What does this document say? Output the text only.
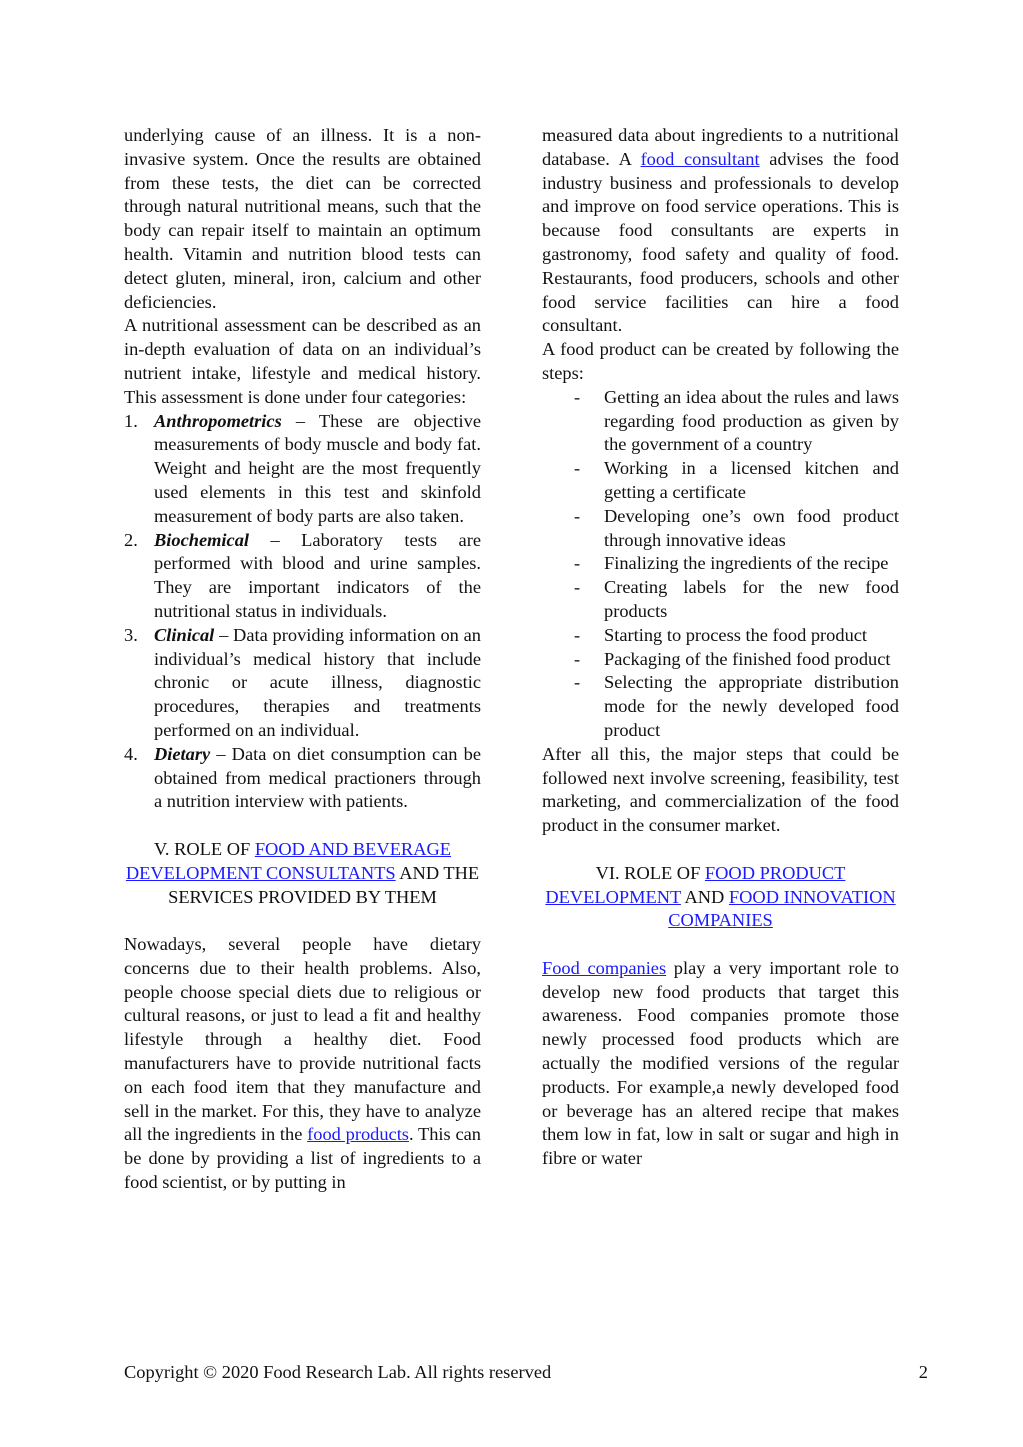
underlying cause of an illness. It is a non-invasive system. Once the results are obtained from these tests, the diet can be corrected through natural nutritional means, such that the body can repair itself to maintain an optimum health. Vitamin and nutrition blood tests can detect gluten, mineral, iron, calcium and other deficiencies.

A nutritional assessment can be described as an in-depth evaluation of data on an individual’s nutrient intake, lifestyle and medical history. This assessment is done under four categories:

1. Anthropometrics – These are objective measurements of body muscle and body fat. Weight and height are the most frequently used elements in this test and skinfold measurement of body parts are also taken.
2. Biochemical – Laboratory tests are performed with blood and urine samples. They are important indicators of the nutritional status in individuals.
3. Clinical – Data providing information on an individual’s medical history that include chronic or acute illness, diagnostic procedures, therapies and treatments performed on an individual.
4. Dietary – Data on diet consumption can be obtained from medical practioners through a nutrition interview with patients.

V. ROLE OF FOOD AND BEVERAGE DEVELOPMENT CONSULTANTS AND THE SERVICES PROVIDED BY THEM

Nowadays, several people have dietary concerns due to their health problems. Also, people choose special diets due to religious or cultural reasons, or just to lead a fit and healthy lifestyle through a healthy diet. Food manufacturers have to provide nutritional facts on each food item that they manufacture and sell in the market. For this, they have to analyze all the ingredients in the food products. This can be done by providing a list of ingredients to a food scientist, or by putting in

measured data about ingredients to a nutritional database. A food consultant advises the food industry business and professionals to develop and improve on food service operations. This is because food consultants are experts in gastronomy, food safety and quality of food. Restaurants, food producers, schools and other food service facilities can hire a food consultant.

A food product can be created by following the steps:

- Getting an idea about the rules and laws regarding food production as given by the government of a country
- Working in a licensed kitchen and getting a certificate
- Developing one’s own food product through innovative ideas
- Finalizing the ingredients of the recipe
- Creating labels for the new food products
- Starting to process the food product
- Packaging of the finished food product
- Selecting the appropriate distribution mode for the newly developed food product

After all this, the major steps that could be followed next involve screening, feasibility, test marketing, and commercialization of the food product in the consumer market.

VI. ROLE OF FOOD PRODUCT DEVELOPMENT AND FOOD INNOVATION COMPANIES

Food companies play a very important role to develop new food products that target this awareness. Food companies promote those newly processed food products which are actually the modified versions of the regular products. For example,a newly developed food or beverage has an altered recipe that makes them low in fat, low in salt or sugar and high in fibre or water

Copyright © 2020 Food Research Lab. All rights reserved	2
